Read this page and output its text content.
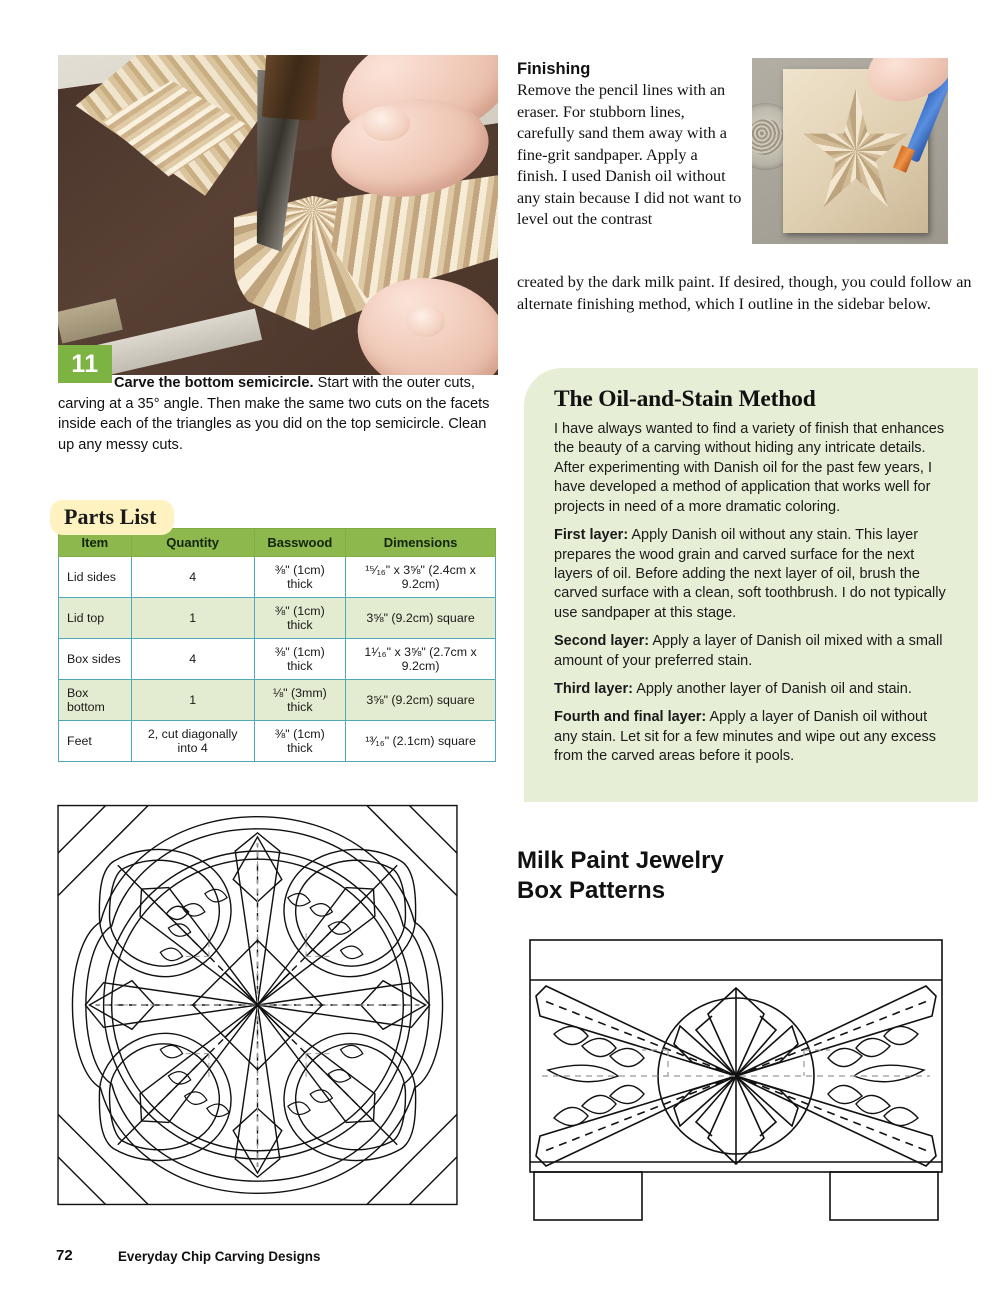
11
Carve the bottom semicircle. Start with the outer cuts, carving at a 35° angle. Then make the same two cuts on the facets inside each of the triangles as you did on the top semicircle. Clean up any messy cuts.
Parts List
Item	Quantity	Basswood	Dimensions
Lid sides	4	⅜" (1cm) thick	¹⁵⁄₁₆" x 3⅝" (2.4cm x 9.2cm)
Lid top	1	⅜" (1cm) thick	3⅝" (9.2cm) square
Box sides	4	⅜" (1cm) thick	1¹⁄₁₆" x 3⅝" (2.7cm x 9.2cm)
Box bottom	1	⅛" (3mm) thick	3⅝" (9.2cm) square
Feet	2, cut diagonally into 4	⅜" (1cm) thick	¹³⁄₁₆" (2.1cm) square
Finishing
Remove the pencil lines with an eraser. For stubborn lines, carefully sand them away with a fine-grit sandpaper. Apply a finish. I used Danish oil without any stain because I did not want to level out the contrast
created by the dark milk paint. If desired, though, you could follow an alternate finishing method, which I outline in the sidebar below.
The Oil-and-Stain Method

I have always wanted to find a variety of finish that enhances the beauty of a carving without hiding any intricate details. After experimenting with Danish oil for the past few years, I have developed a method of application that works well for projects in need of a more dramatic coloring.

First layer: Apply Danish oil without any stain. This layer prepares the wood grain and carved surface for the next layers of oil. Before adding the next layer of oil, brush the carved surface with a clean, soft toothbrush. I do not typically use sandpaper at this stage.

Second layer: Apply a layer of Danish oil mixed with a small amount of your preferred stain.

Third layer: Apply another layer of Danish oil and stain.

Fourth and final layer: Apply a layer of Danish oil without any stain. Let sit for a few minutes and wipe out any excess from the carved areas before it pools.

Milk Paint Jewelry
Box Patterns
72	Everyday Chip Carving Designs
